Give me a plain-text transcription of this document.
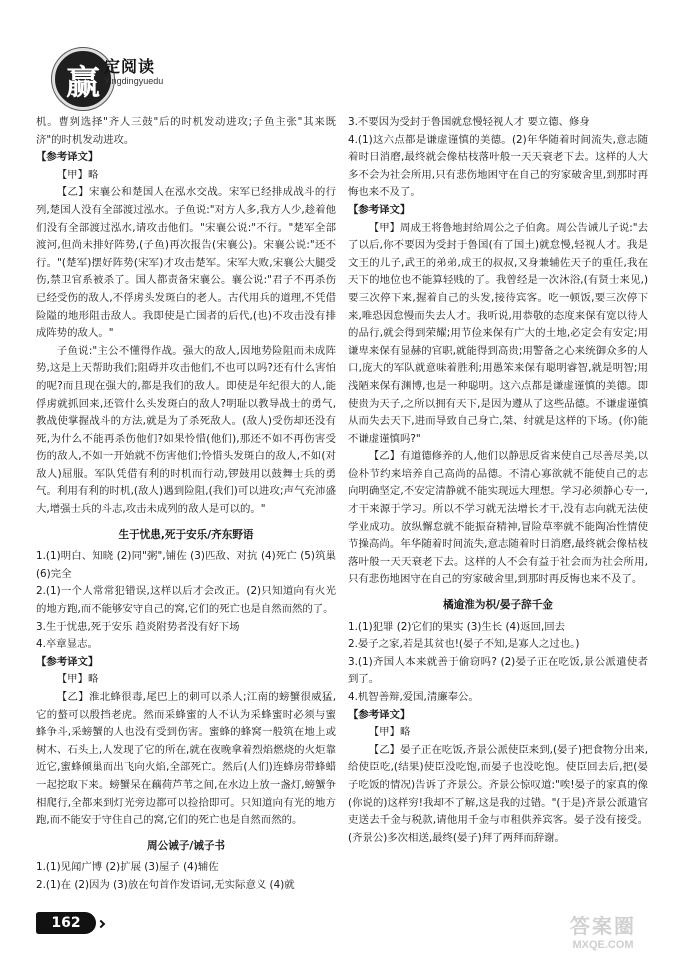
赢 定阅读
Yingdingyuedu

机。曹刿选择"齐人三鼓"后的时机发动进攻;子鱼主张"其来既济"的时机发动进攻。

【参考译文】

【甲】略

【乙】宋襄公和楚国人在泓水交战。宋军已经排成战斗的行列,楚国人没有全部渡过泓水。子鱼说:"对方人多,我方人少,趁着他们没有全部渡过泓水,请攻击他们。"宋襄公说:"不行。"楚军全部渡河,但尚未排好阵势,(子鱼)再次报告(宋襄公)。宋襄公说:"还不行。"(楚军)摆好阵势(宋军)才攻击楚军。宋军大败,宋襄公大腿受伤,禁卫官系被杀了。国人都责备宋襄公。襄公说:"君子不再杀伤已经受伤的敌人,不俘虏头发斑白的老人。古代用兵的道理,不凭借险隘的地形阻击敌人。我即使是亡国者的后代,(也)不攻击没有排成阵势的敌人。"

子鱼说:"主公不懂得作战。强大的敌人,因地势险阻而未成阵势,这是上天帮助我们;阻碍并攻击他们,不也可以吗?还有什么害怕的呢?而且现在强大的,都是我们的敌人。即使是年纪很大的人,能俘虏就抓回来,还管什么头发斑白的敌人?明耻以教导战士的勇气,教战使掌握战斗的方法,就是为了杀死敌人。(敌人)受伤却还没有死,为什么不能再杀伤他们?如果怜惜(他们),那还不如不再伤害受伤的敌人,不如一开始就不伤害他们;怜惜头发斑白的敌人,不如(对敌人)屈服。军队凭借有利的时机而行动,锣鼓用以鼓舞士兵的勇气。利用有利的时机,(敌人)遇到险阻,(我们)可以进攻;声气充沛盛大,增强士兵的斗志,攻击未成列的敌人是可以的。"

生于忧患,死于安乐/齐东野语

1.(1)明白、知晓 (2)同"粥",铺佐 (3)匹敌、对抗 (4)死亡 (5)筑巢 (6)完全

2.(1)一个人常常犯错误,这样以后才会改正。(2)只知道向有火光的地方跑,而不能够安守自己的窝,它们的死亡也是自然而然的了。

3.生于忧患,死于安乐 趋炎附势者没有好下场

4.卒章显志。

【参考译文】

【甲】略

【乙】淮北蜂很毒,尾巴上的刺可以杀人;江南的螃蟹很威猛,它的螯可以殷挡老虎。然而采蜂蜜的人不认为采蜂蜜时必须与蜜蜂争斗,采螃蟹的人也没有受到伤害。蜜蜂的蜂窝一般筑在地上或树木、石头上,人发现了它的所在,就在夜晚拿着烈焰燃烧的火炬靠近它,蜜蜂倾巢而出飞向火焰,全部死亡。然后(人们)连蜂房带蜂蜡一起挖取下来。螃蟹呆在藕荷芦苇之间,在水边上放一盏灯,螃蟹争相爬行,全都来到灯光旁边都可以捡拾即可。只知道向有光的地方跑,而不能安于守住自己的窝,它们的死亡也是自然而然的。

周公诫子/诫子书

1.(1)见闻广博 (2)扩展 (3)屋子 (4)辅佐

2.(1)在 (2)因为 (3)放在句首作发语词,无实际意义 (4)就

3.不要因为受封于鲁国就怠慢轻视人才 要立德、修身

4.(1)这六点都是谦虚谨慎的美德。(2)年华随着时间流失,意志随着时日消磨,最终就会像枯枝落叶般一天天衰老下去。这样的人大多不会为社会所用,只有悲伤地困守在自己的穷家破舍里,到那时再悔也来不及了。

【参考译文】

【甲】周成王将鲁地封给周公之子伯禽。周公告诫儿子说:"去了以后,你不要因为受封于鲁国(有了国土)就怠慢,轻视人才。我是文王的儿子,武王的弟弟,成王的叔叔,又身兼辅佐天子的重任,我在天下的地位也不能算轻贱的了。我曾经是一次沐浴,(有贤士来见,)要三次停下来,握着自己的头发,接待宾客。吃一顿饭,要三次停下来,唯恐因怠慢而失去人才。我听说,用恭敬的态度来保有宽以待人的品行,就会得到荣耀;用节俭来保有广大的土地,必定会有安定;用谦卑来保有显赫的官职,就能得到高贵;用警备之心来统御众多的人口,庞大的军队就意味着胜利;用愚笨来保有聪明睿智,就是明智;用浅陋来保有渊博,也是一种聪明。这六点都是谦虚谨慎的美德。即使贵为天子,之所以拥有天下,是因为遵从了这些品德。不谦虚谨慎从而失去天下,进而导致自己身亡,桀、纣就是这样的下场。(你)能不谦虚谨慎吗?"

【乙】有道德修养的人,他们以静思反省来使自己尽善尽美,以俭朴节约来培养自己高尚的品德。不清心寡欲就不能使自己的志向明确坚定,不安定清静就不能实现远大理想。学习必须静心专一,才干来源于学习。所以不学习就无法增长才干,没有志向就无法使学业成功。放纵懈怠就不能振奋精神,冒险草率就不能陶冶性情使节操高尚。年华随着时间流失,意志随着时日消磨,最终就会像枯枝落叶般一天天衰老下去。这样的人不会有益于社会而为社会所用,只有悲伤地困守在自己的穷家破舍里,到那时再反悔也来不及了。

橘逾淮为枳/晏子辞千金

1.(1)犯罪 (2)它们的果实 (3)生长 (4)返回,回去

2.晏子之家,若是其贫也!(晏子不知,是寡人之过也。)

3.(1)齐国人本来就善于偷窃吗? (2)晏子正在吃饭,景公派遣使者到了。

4.机智善辩,爱国,清廉奉公。

【参考译文】

【甲】略

【乙】晏子正在吃饭,齐景公派使臣来到,(晏子)把食物分出来,给使臣吃,(结果)使臣没吃饱,而晏子也没吃饱。使臣回去后,把(晏子吃饭的情况)告诉了齐景公。齐景公惊叹道:"唉!晏子的家真的像(你说的)这样穷!我却不了解,这是我的过错。"(于是)齐景公派遣官吏送去千金与税款,请他用千金与市租供养宾客。晏子没有接受。(齐景公)多次相送,最终(晏子)拜了两拜而辞谢。

162	答案圈
MXQE.COM
